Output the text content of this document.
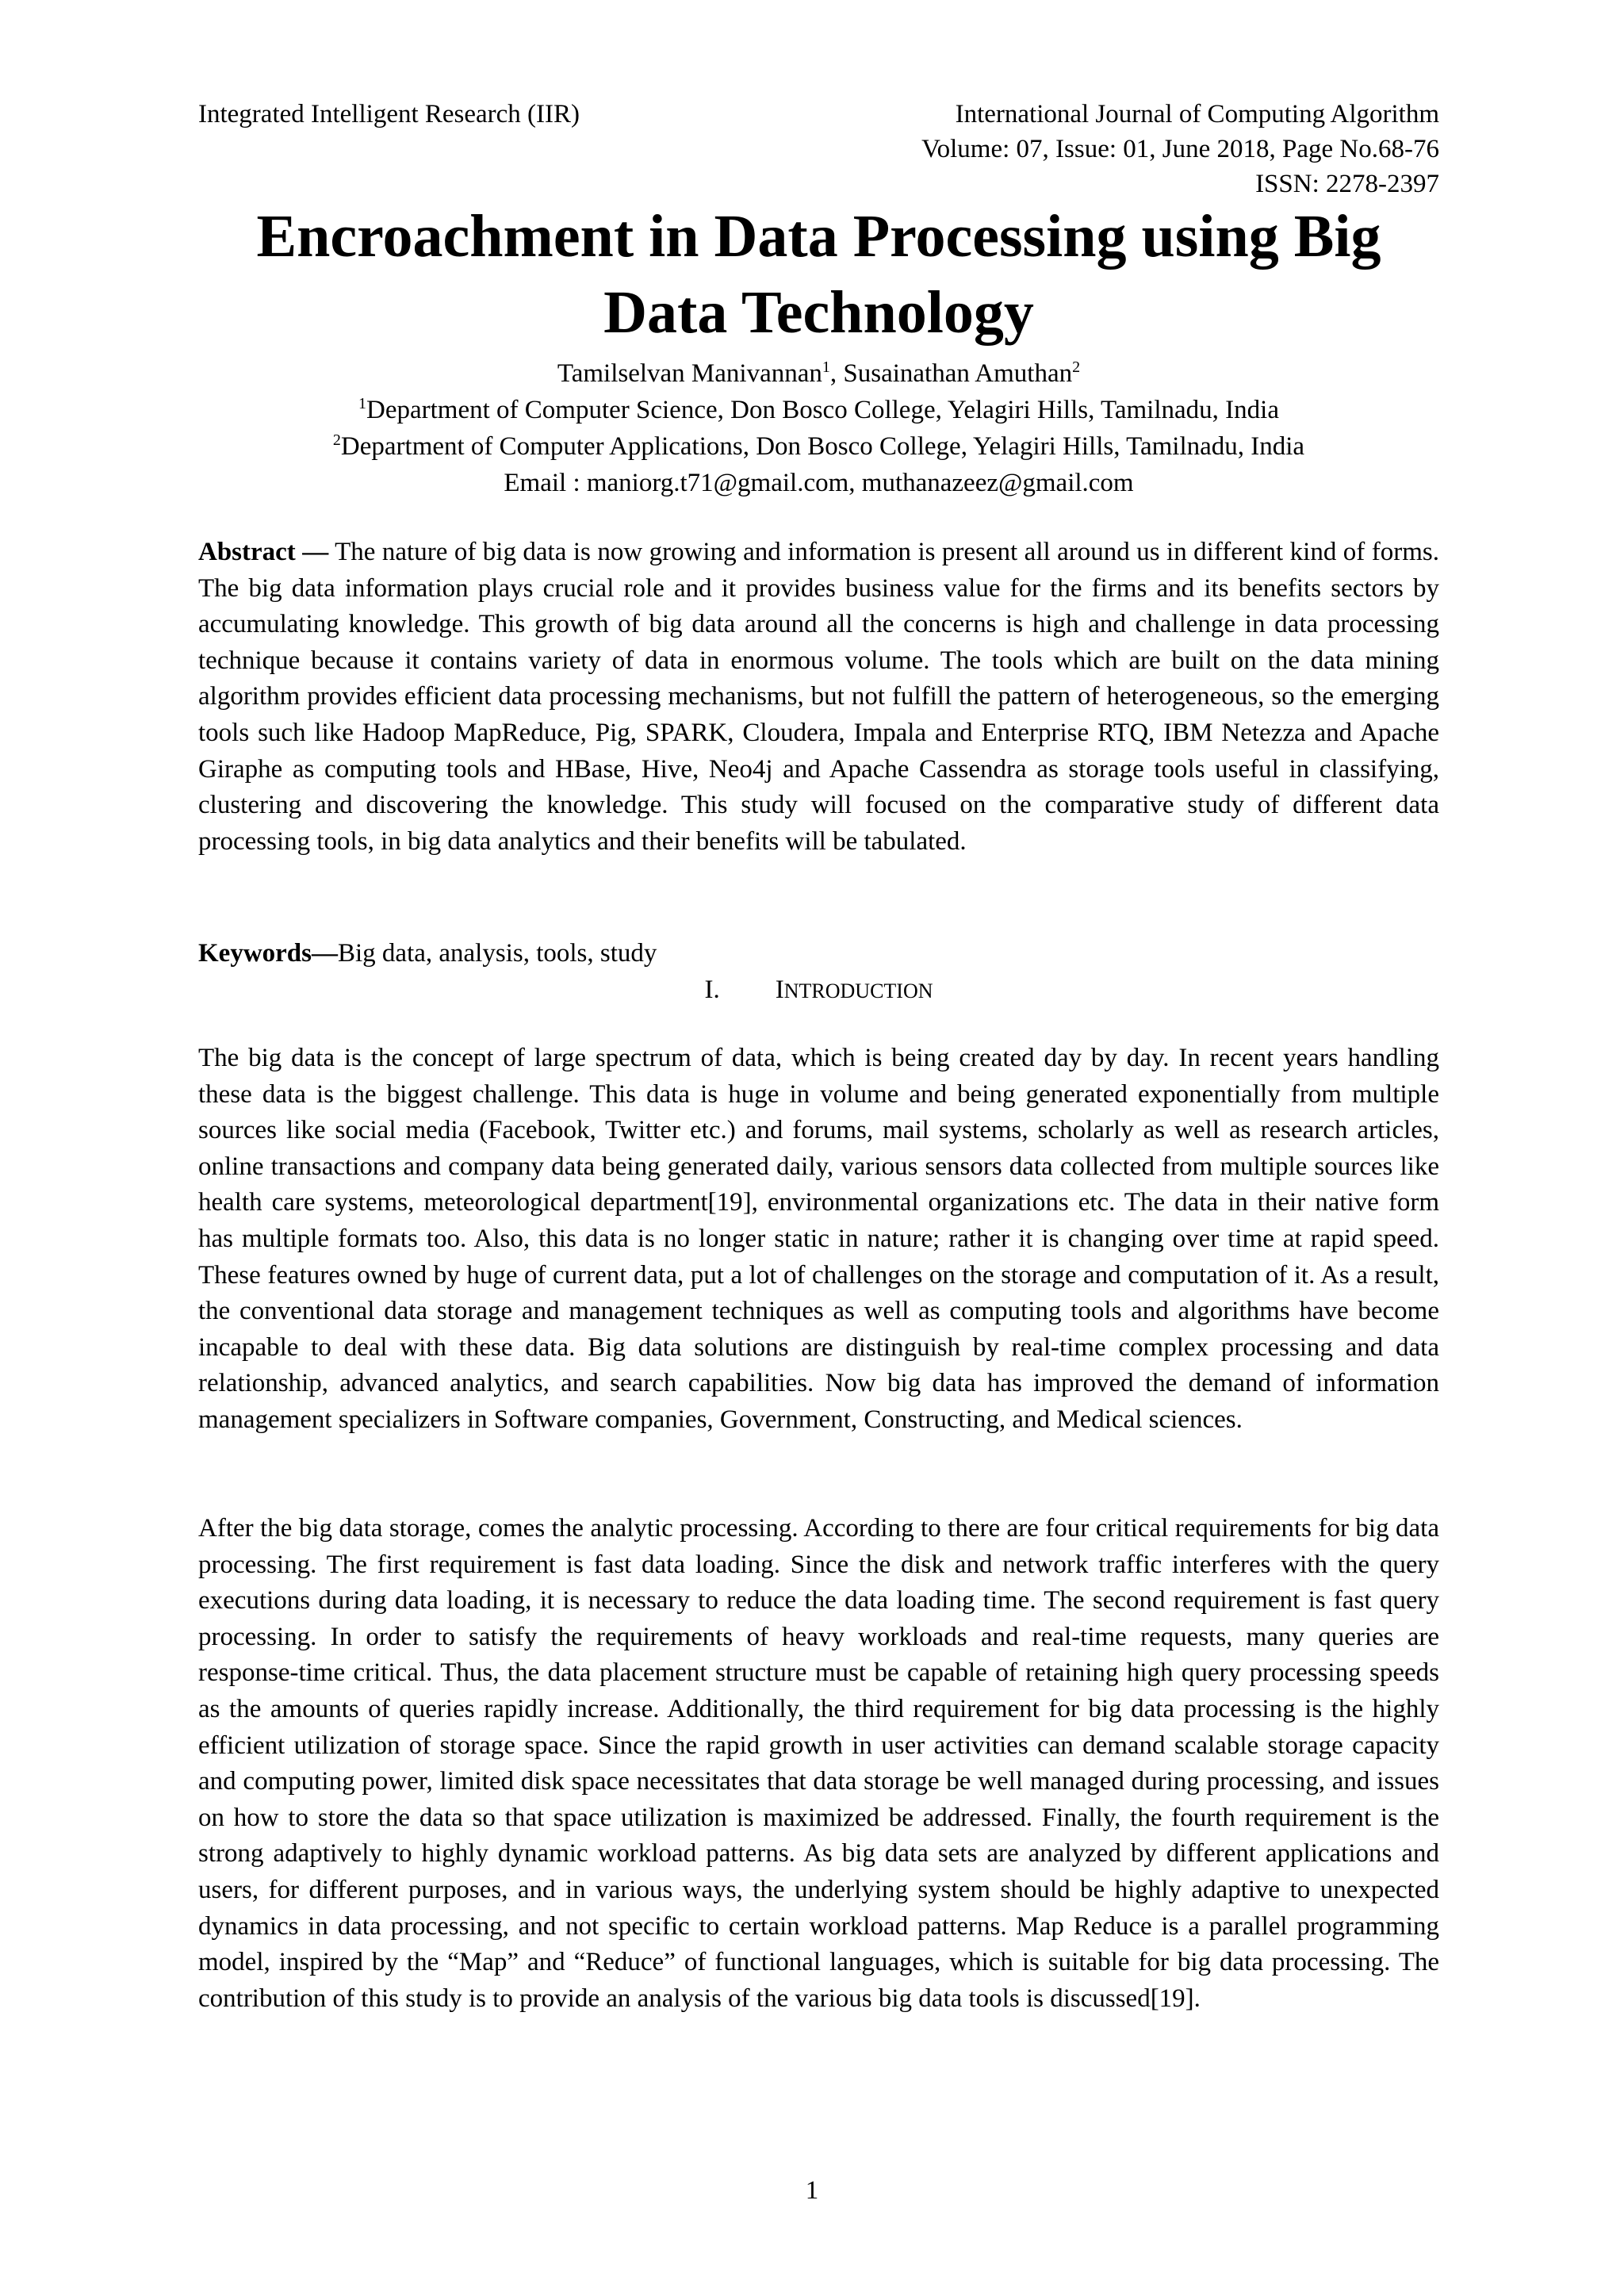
Integrated Intelligent Research (IIR)	International Journal of Computing Algorithm
Volume: 07, Issue: 01, June 2018, Page No.68-76
ISSN: 2278-2397
Encroachment in Data Processing using Big
Data Technology
Tamilselvan Manivannan$^1$, Susainathan Amuthan$^2$
$^1$Department of Computer Science, Don Bosco College, Yelagiri Hills, Tamilnadu, India
$^2$Department of Computer Applications, Don Bosco College, Yelagiri Hills, Tamilnadu, India
Email : maniorg.t71@gmail.com, muthanazeez@gmail.com

Abstract — The nature of big data is now growing and information is present all around us in different kind of forms. The big data information plays crucial role and it provides business value for the firms and its benefits sectors by accumulating knowledge. This growth of big data around all the concerns is high and challenge in data processing technique because it contains variety of data in enormous volume. The tools which are built on the data mining algorithm provides efficient data processing mechanisms, but not fulfill the pattern of heterogeneous, so the emerging tools such like Hadoop MapReduce, Pig, SPARK, Cloudera, Impala and Enterprise RTQ, IBM Netezza and Apache Giraphe as computing tools and HBase, Hive, Neo4j and Apache Cassendra as storage tools useful in classifying, clustering and discovering the knowledge. This study will focused on the comparative study of different data processing tools, in big data analytics and their benefits will be tabulated.

Keywords—Big data, analysis, tools, study

I. INTRODUCTION

The big data is the concept of large spectrum of data, which is being created day by day. In recent years handling these data is the biggest challenge. This data is huge in volume and being generated exponentially from multiple sources like social media (Facebook, Twitter etc.) and forums, mail systems, scholarly as well as research articles, online transactions and company data being generated daily, various sensors data collected from multiple sources like health care systems, meteorological department[19], environmental organizations etc. The data in their native form has multiple formats too. Also, this data is no longer static in nature; rather it is changing over time at rapid speed. These features owned by huge of current data, put a lot of challenges on the storage and computation of it. As a result, the conventional data storage and management techniques as well as computing tools and algorithms have become incapable to deal with these data. Big data solutions are distinguish by real-time complex processing and data relationship, advanced analytics, and search capabilities. Now big data has improved the demand of information management specializers in Software companies, Government, Constructing, and Medical sciences.

After the big data storage, comes the analytic processing. According to there are four critical requirements for big data processing. The first requirement is fast data loading. Since the disk and network traffic interferes with the query executions during data loading, it is necessary to reduce the data loading time. The second requirement is fast query processing. In order to satisfy the requirements of heavy workloads and real-time requests, many queries are response-time critical. Thus, the data placement structure must be capable of retaining high query processing speeds as the amounts of queries rapidly increase. Additionally, the third requirement for big data processing is the highly efficient utilization of storage space. Since the rapid growth in user activities can demand scalable storage capacity and computing power, limited disk space necessitates that data storage be well managed during processing, and issues on how to store the data so that space utilization is maximized be addressed. Finally, the fourth requirement is the strong adaptively to highly dynamic workload patterns. As big data sets are analyzed by different applications and users, for different purposes, and in various ways, the underlying system should be highly adaptive to unexpected dynamics in data processing, and not specific to certain workload patterns. Map Reduce is a parallel programming model, inspired by the “Map” and “Reduce” of functional languages, which is suitable for big data processing. The contribution of this study is to provide an analysis of the various big data tools is discussed[19].

1
